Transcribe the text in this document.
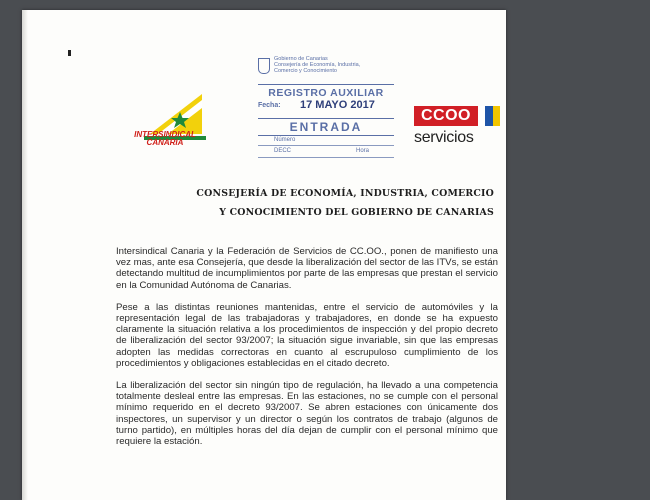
INTERSINDICAL
CANARIA
Gobierno de Canarias
Consejería de Economía, Industria,
Comercio y Conocimiento
REGISTRO AUXILIAR
Fecha: 17 MAYO 2017
ENTRADA
Número
DECC	Hora
CCOO
servicios
CONSEJERÍA DE ECONOMÍA, INDUSTRIA, COMERCIO
Y CONOCIMIENTO DEL GOBIERNO DE CANARIAS

Intersindical Canaria y la Federación de Servicios de CC.OO., ponen de manifiesto una vez mas, ante esa Consejería, que desde la liberalización del sector de las ITVs, se están detectando multitud de incumplimientos por parte de las empresas que prestan el servicio en la Comunidad Autónoma de Canarias.

Pese a las distintas reuniones mantenidas, entre el servicio de automóviles y la representación legal de las trabajadoras y trabajadores, en donde se ha expuesto claramente la situación relativa a los procedimientos de inspección y del propio decreto de liberalización del sector 93/2007; la situación sigue invariable, sin que las empresas adopten las medidas correctoras en cuanto al escrupuloso cumplimiento de los procedimientos y obligaciones establecidas en el citado decreto.

La liberalización del sector sin ningún tipo de regulación, ha llevado a una competencia totalmente desleal entre las empresas. En las estaciones, no se cumple con el personal mínimo requerido en el decreto 93/2007. Se abren estaciones con únicamente dos inspectores, un supervisor y un director o según los contratos de trabajo (algunos de turno partido), en múltiples horas del día dejan de cumplir con el personal mínimo que requiere la estación.
